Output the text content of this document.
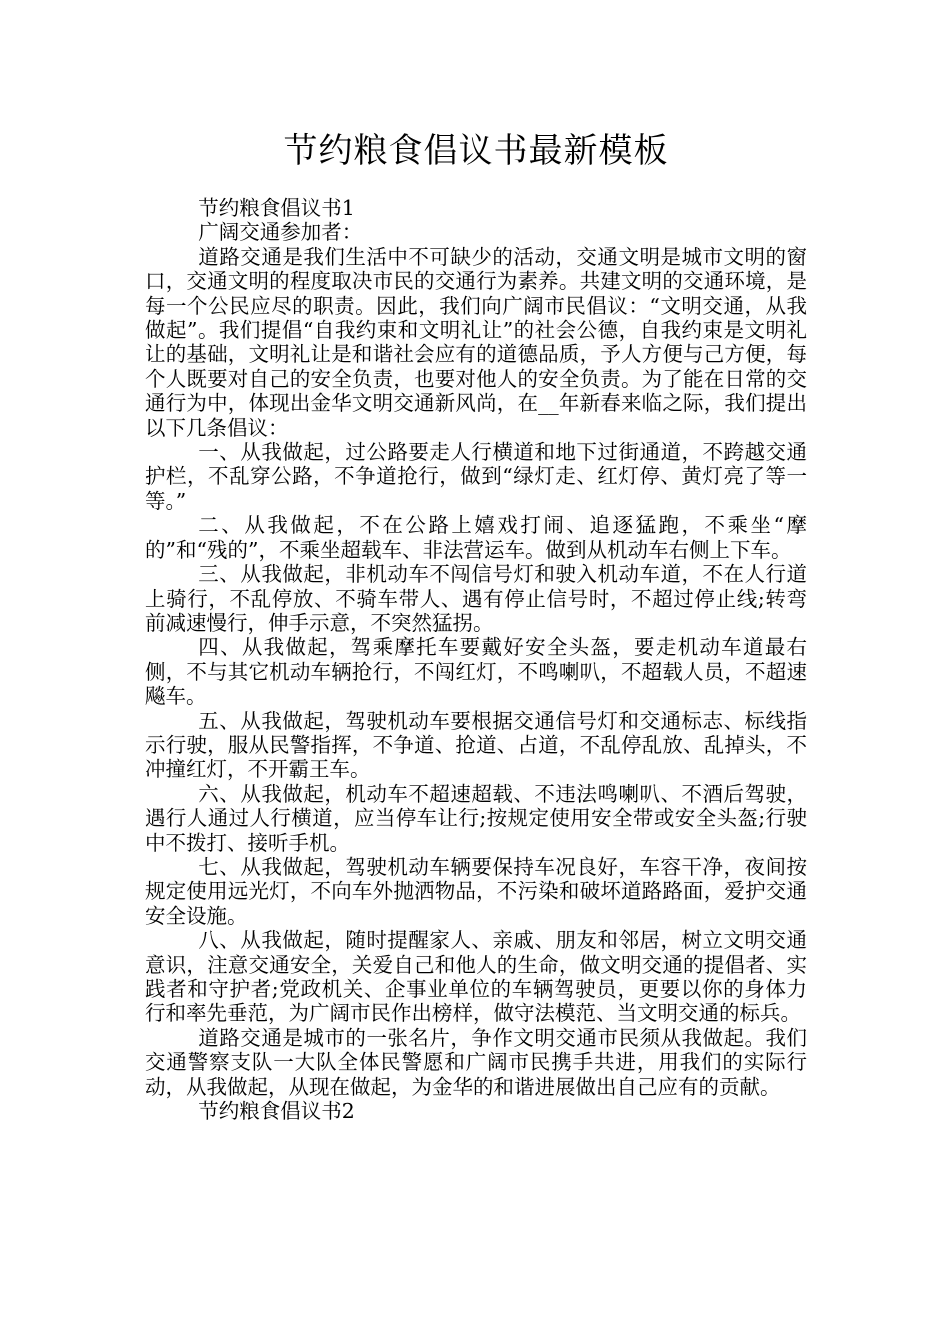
节约粮食倡议书最新模板

节约粮食倡议书1

广阔交通参加者：

道路交通是我们生活中不可缺少的活动，交通文明是城市文明的窗口，交通文明的程度取决市民的交通行为素养。共建文明的交通环境，是每一个公民应尽的职责。因此，我们向广阔市民倡议：“文明交通，从我做起”。我们提倡“自我约束和文明礼让”的社会公德，自我约束是文明礼让的基础，文明礼让是和谐社会应有的道德品质，予人方便与己方便，每个人既要对自己的安全负责，也要对他人的安全负责。为了能在日常的交通行为中，体现出金华文明交通新风尚，在__年新春来临之际，我们提出以下几条倡议：

一、从我做起，过公路要走人行横道和地下过街通道，不跨越交通护栏，不乱穿公路，不争道抢行，做到“绿灯走、红灯停、黄灯亮了等一等。”

二、从我做起，不在公路上嬉戏打闹、追逐猛跑，不乘坐“摩的”和“残的”，不乘坐超载车、非法营运车。做到从机动车右侧上下车。

三、从我做起，非机动车不闯信号灯和驶入机动车道，不在人行道上骑行，不乱停放、不骑车带人、遇有停止信号时，不超过停止线;转弯前减速慢行，伸手示意，不突然猛拐。

四、从我做起，驾乘摩托车要戴好安全头盔，要走机动车道最右侧，不与其它机动车辆抢行，不闯红灯，不鸣喇叭，不超载人员，不超速飚车。

五、从我做起，驾驶机动车要根据交通信号灯和交通标志、标线指示行驶，服从民警指挥，不争道、抢道、占道，不乱停乱放、乱掉头，不冲撞红灯，不开霸王车。

六、从我做起，机动车不超速超载、不违法鸣喇叭、不酒后驾驶，遇行人通过人行横道，应当停车让行;按规定使用安全带或安全头盔;行驶中不拨打、接听手机。

七、从我做起，驾驶机动车辆要保持车况良好，车容干净，夜间按规定使用远光灯，不向车外抛洒物品，不污染和破坏道路路面，爱护交通安全设施。

八、从我做起，随时提醒家人、亲戚、朋友和邻居，树立文明交通意识，注意交通安全，关爱自己和他人的生命，做文明交通的提倡者、实践者和守护者;党政机关、企事业单位的车辆驾驶员，更要以你的身体力行和率先垂范，为广阔市民作出榜样，做守法模范、当文明交通的标兵。

道路交通是城市的一张名片，争作文明交通市民须从我做起。我们交通警察支队一大队全体民警愿和广阔市民携手共进，用我们的实际行动，从我做起，从现在做起，为金华的和谐进展做出自己应有的贡献。

节约粮食倡议书2
